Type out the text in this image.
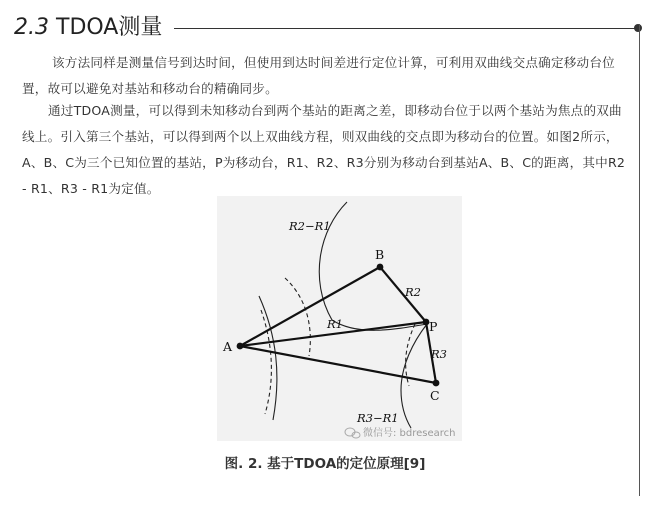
2.3 TDOA测量

该方法同样是测量信号到达时间，但使用到达时间差进行定位计算，可利用双曲线交点确定移动台位置，故可以避免对基站和移动台的精确同步。

通过TDOA测量，可以得到未知移动台到两个基站的距离之差，即移动台位于以两个基站为焦点的双曲线上。引入第三个基站，可以得到两个以上双曲线方程，则双曲线的交点即为移动台的位置。如图2所示，A、B、C为三个已知位置的基站，P为移动台，R1、R2、R3分别为移动台到基站A、B、C的距离，其中R2 - R1、R3 - R1为定值。

A
B
P
C
R1
R2
R3
R2−R1
R3−R1
微信号: bdresearch
图. 2. 基于TDOA的定位原理[9]
